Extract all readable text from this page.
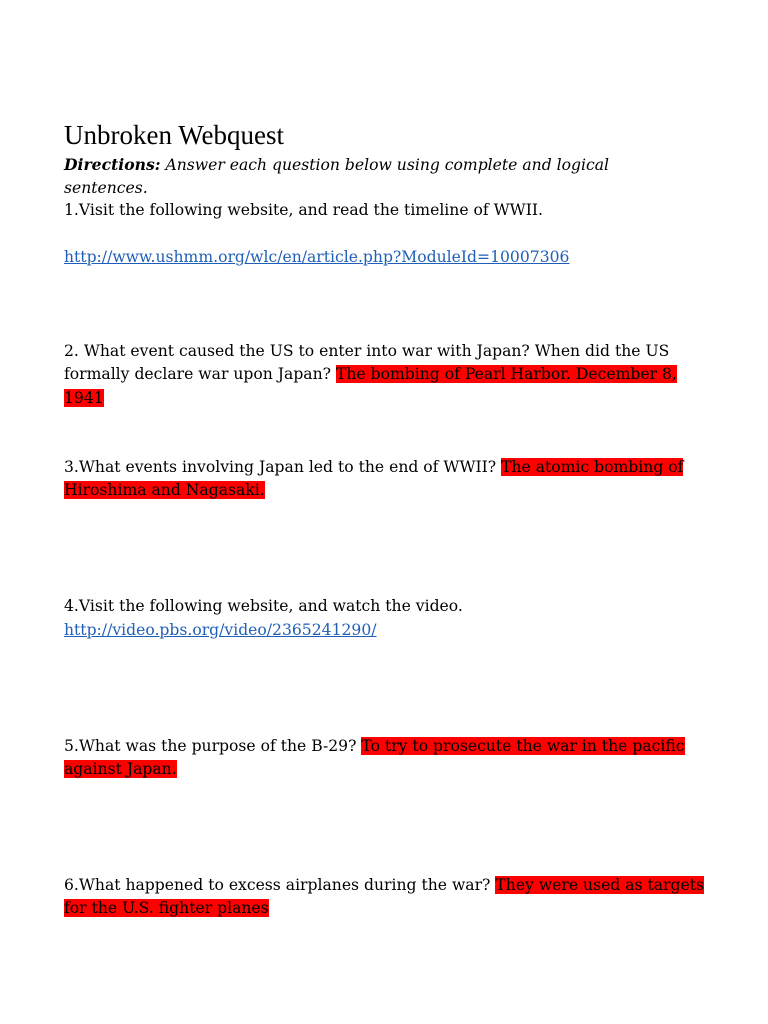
Unbroken Webquest
Directions: Answer each question below using complete and logical sentences.
1.Visit the following website, and read the timeline of WWII.
http://www.ushmm.org/wlc/en/article.php?ModuleId=10007306
2. What event caused the US to enter into war with Japan? When did the US formally declare war upon Japan? The bombing of Pearl Harbor. December 8, 1941
3.What events involving Japan led to the end of WWII? The atomic bombing of Hiroshima and Nagasaki.
4.Visit the following website, and watch the video.
http://video.pbs.org/video/2365241290/
5.What was the purpose of the B-29? To try to prosecute the war in the pacific against Japan.
6.What happened to excess airplanes during the war? They were used as targets for the U.S. fighter planes
